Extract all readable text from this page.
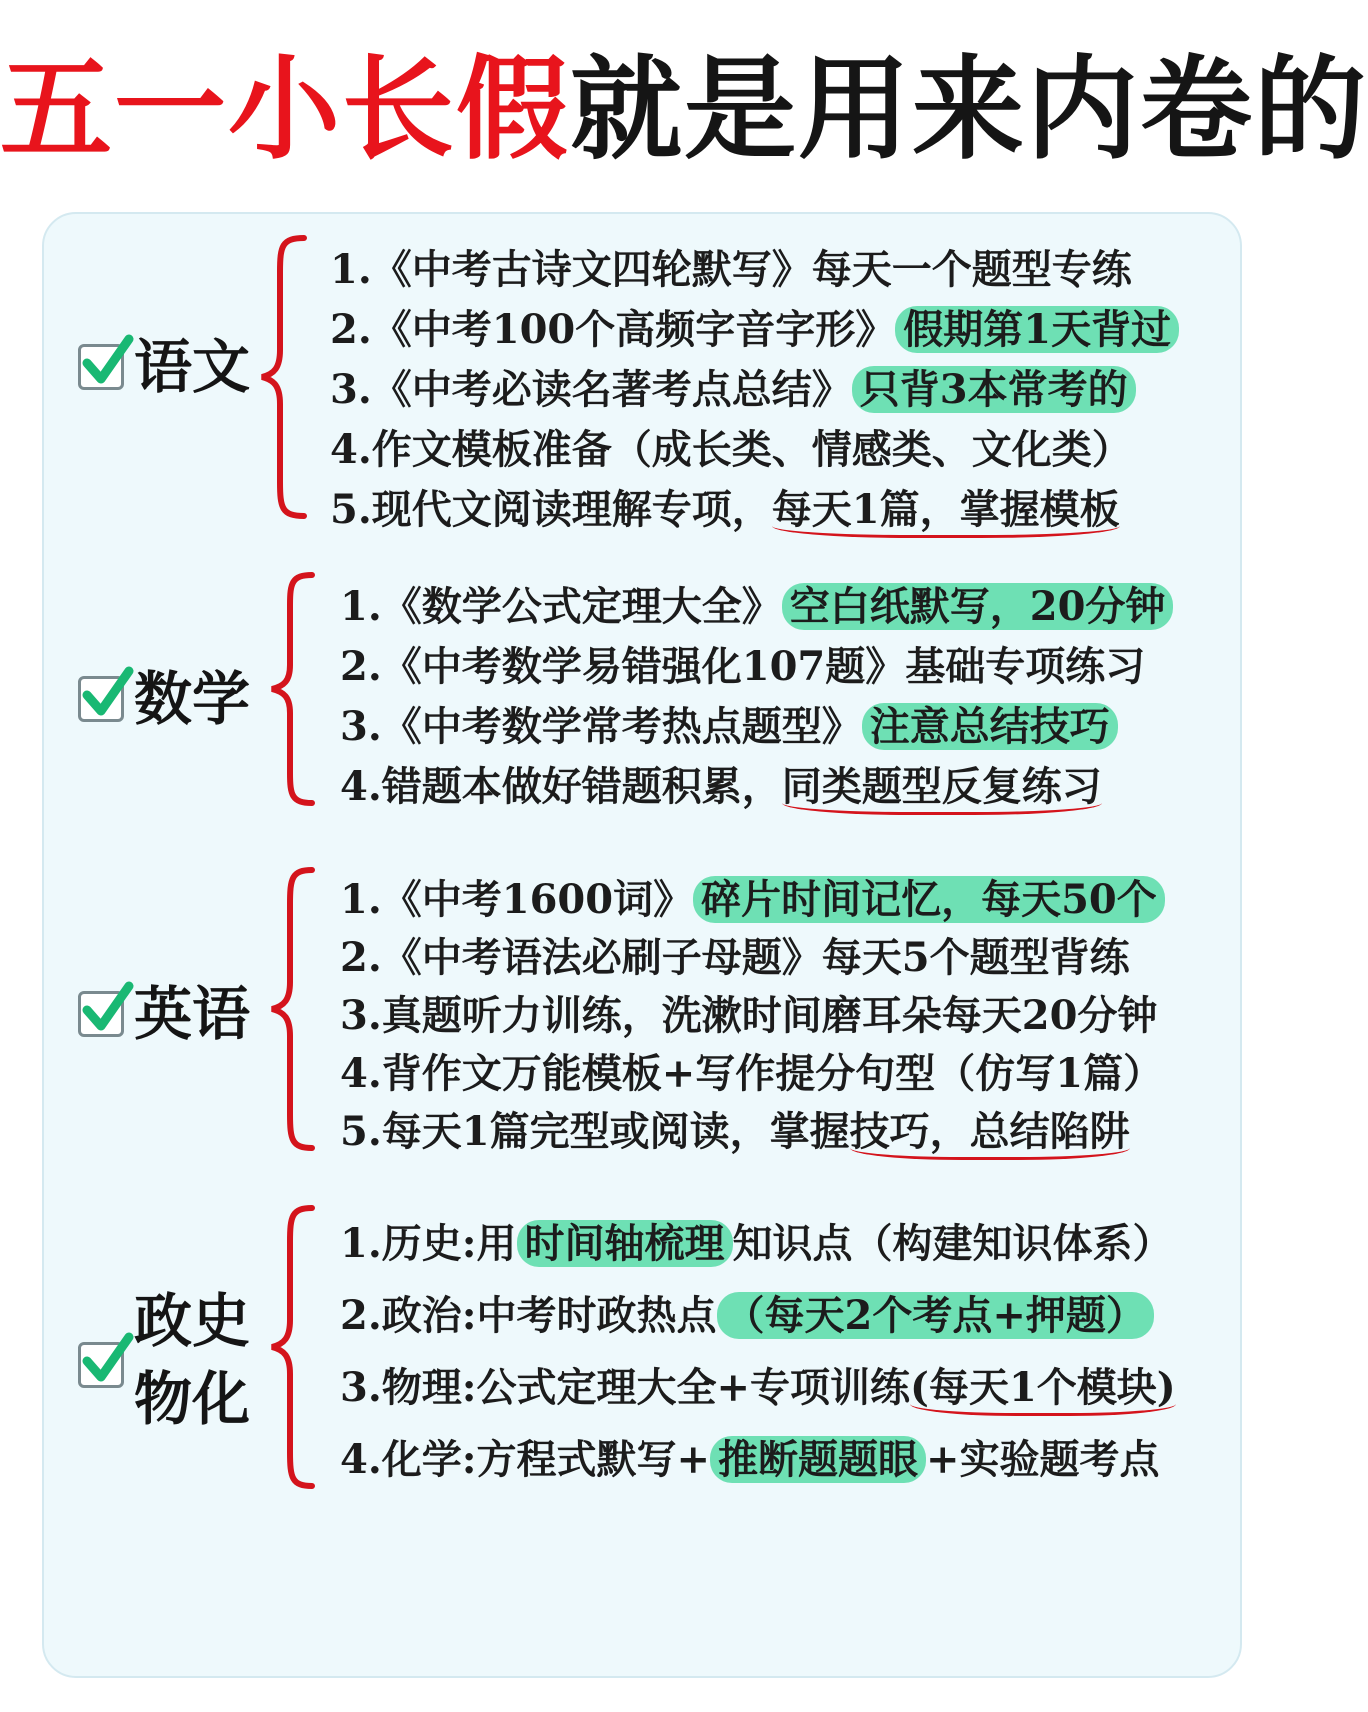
五一小长假就是用来内卷的
语文
1.《中考古诗文四轮默写》每天一个题型专练
2.《中考100个高频字音字形》 假期第1天背过
3.《中考必读名著考点总结》 只背3本常考的
4.作文模板准备（成长类、情感类、文化类）
5.现代文阅读理解专项，每天1篇，掌握模板
数学
1.《数学公式定理大全》 空白纸默写，20分钟
2.《中考数学易错强化107题》基础专项练习
3.《中考数学常考热点题型》 注意总结技巧
4.错题本做好错题积累，同类题型反复练习
英语
1.《中考1600词》 碎片时间记忆，每天50个
2.《中考语法必刷子母题》每天5个题型背练
3.真题听力训练，洗漱时间磨耳朵每天20分钟
4.背作文万能模板+写作提分句型（仿写1篇）
5.每天1篇完型或阅读，掌握技巧，总结陷阱
政史
物化
1.历史:用 时间轴梳理 知识点（构建知识体系）
2.政治:中考时政热点 （每天2个考点+押题）
3.物理:公式定理大全+专项训练(每天1个模块)
4.化学:方程式默写+ 推断题题眼 +实验题考点
